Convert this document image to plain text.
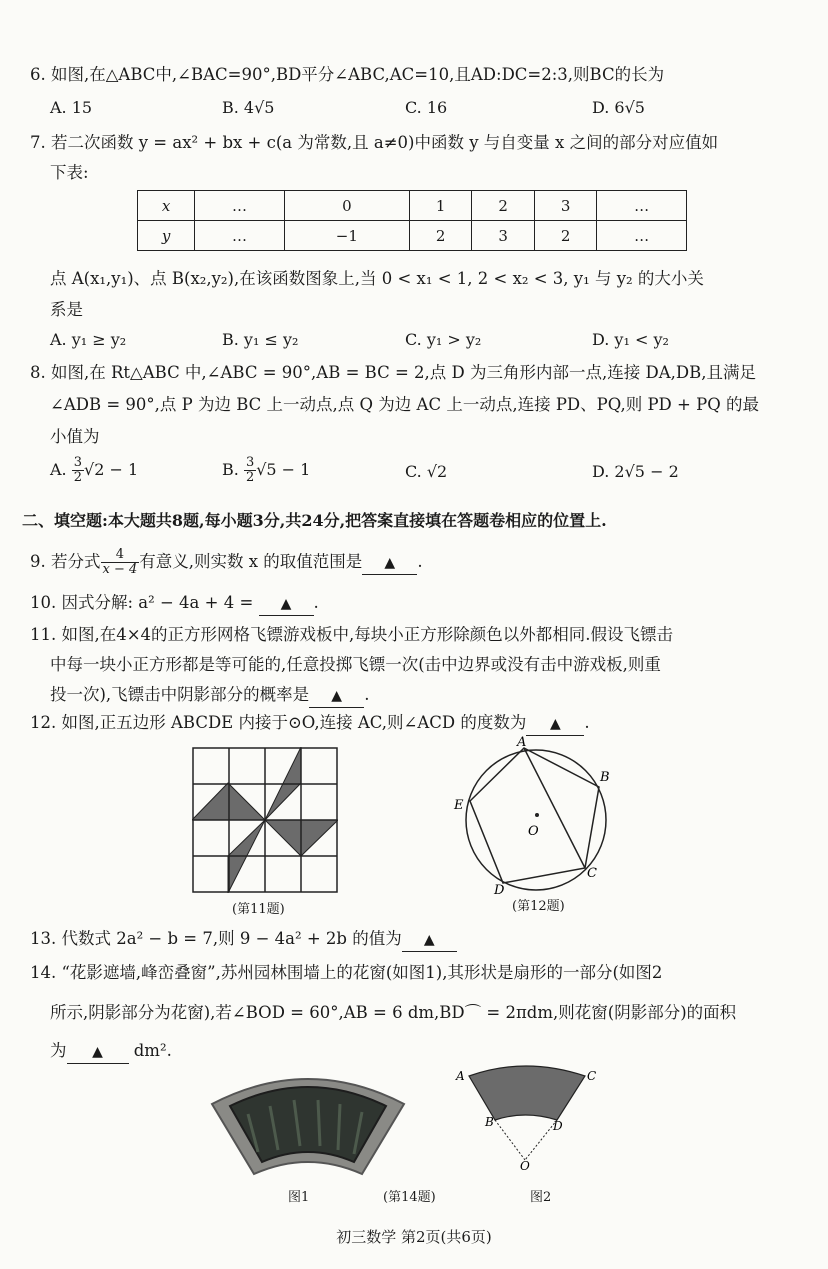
6. 如图,在△ABC中,∠BAC=90°,BD平分∠ABC,AC=10,且AD:DC=2:3,则BC的长为
A. 15	B. 4√5	C. 16	D. 6√5
7. 若二次函数 y = ax² + bx + c(a 为常数,且 a≠0)中函数 y 与自变量 x 之间的部分对应值如
下表:
x	…	0	1	2	3	…
y	…	−1	2	3	2	…
点 A(x₁,y₁)、点 B(x₂,y₂),在该函数图象上,当 0 < x₁ < 1, 2 < x₂ < 3, y₁ 与 y₂ 的大小关
系是
A. y₁ ≥ y₂	B. y₁ ≤ y₂	C. y₁ > y₂	D. y₁ < y₂
8. 如图,在 Rt△ABC 中,∠ABC = 90°,AB = BC = 2,点 D 为三角形内部一点,连接 DA,DB,且满足
∠ADB = 90°,点 P 为边 BC 上一动点,点 Q 为边 AC 上一动点,连接 PD、PQ,则 PD + PQ 的最
小值为
A. $\frac{3}{2} √2 - 1$	B. $\frac{3}{2} √5 - 1$	C. √2	D. 2√5 − 2
二、填空题:本大题共8题,每小题3分,共24分,把答案直接填在答题卷相应的位置上.
9. 若分式 $\frac{4}{x - 4}$ 有意义,则实数 x 的取值范围是 ▲ .
10. 因式分解: a² − 4a + 4 = ▲ .
11. 如图,在4×4的正方形网格飞镖游戏板中,每块小正方形除颜色以外都相同.假设飞镖击
中每一块小正方形都是等可能的,任意投掷飞镖一次(击中边界或没有击中游戏板,则重
投一次),飞镖击中阴影部分的概率是 ▲ .
12. 如图,正五边形 ABCDE 内接于⊙O,连接 AC,则∠ACD 的度数为 ▲ .
(第11题)
A
B
C
D
E
O
(第12题)
13. 代数式 2a² − b = 7,则 9 − 4a² + 2b 的值为 ▲
14. “花影遮墙,峰峦叠窗”,苏州园林围墙上的花窗(如图1),其形状是扇形的一部分(如图2
所示,阴影部分为花窗),若∠BOD = 60°,AB = 6 dm,BD⌒ = 2πdm,则花窗(阴影部分)的面积
为 ▲ dm².
A	C
B	D
O
图1	(第14题)	图2
初三数学 第2页(共6页)
